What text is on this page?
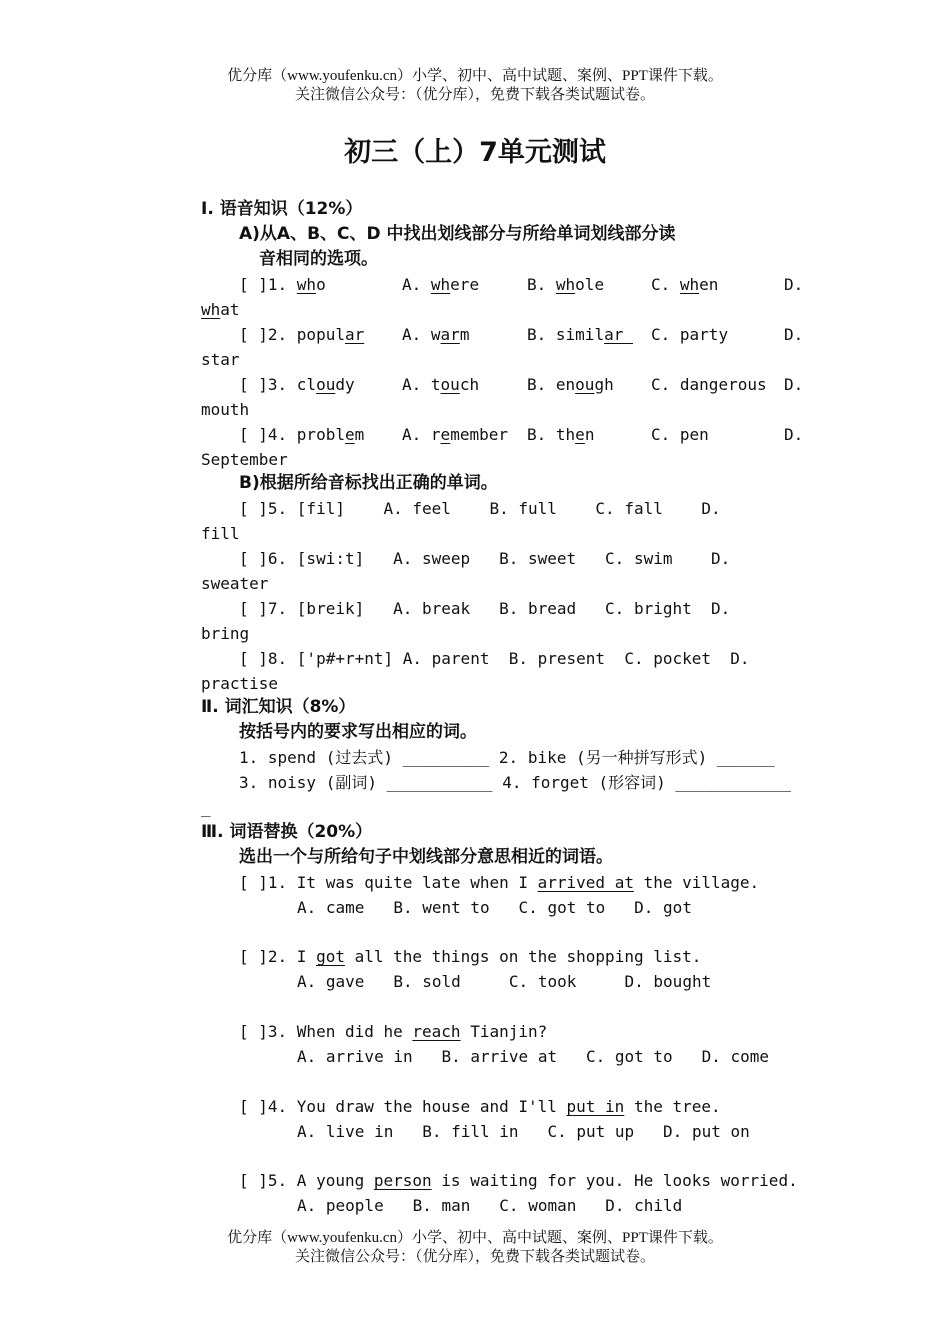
优分库（www.youfenku.cn）小学、初中、高中试题、案例、PPT课件下载。
关注微信公众号：（优分库），免费下载各类试题试卷。
初三（上）7单元测试
Ⅰ. 语音知识（12%）
A)从A、B、C、D 中找出划线部分与所给单词划线部分读
音相同的选项。
[ ]1. who	A. where	B. whole	C. when	D.
what
[ ]2. popular A. warm	B. similar C. party	D.
star
[ ]3. cloudy	A. touch	B. enough C. dangerous D.
mouth
[ ]4. problem A. remember B. then	C. pen	D.
September
B)根据所给音标找出正确的单词。
[ ]5. [fil]    A. feel    B. full    C. fall    D.
fill
[ ]6. [swi:t]   A. sweep   B. sweet   C. swim    D.
sweater
[ ]7. [breik]   A. break   B. bread   C. bright  D.
bring
[ ]8. ['p#+r+nt] A. parent  B. present  C. pocket  D.
practise
Ⅱ. 词汇知识（8%）
按括号内的要求写出相应的词。
1. spend (过去式) _________ 2. bike (另一种拼写形式) ______
3. noisy (副词) ___________ 4. forget (形容词) ____________
_
Ⅲ. 词语替换（20%）
选出一个与所给句子中划线部分意思相近的词语。
[ ]1. It was quite late when I arrived at the village.
A. came   B. went to   C. got to   D. got
[ ]2. I got all the things on the shopping list.
A. gave   B. sold     C. took     D. bought
[ ]3. When did he reach Tianjin?
A. arrive in   B. arrive at   C. got to   D. come
[ ]4. You draw the house and I'll put in the tree.
A. live in   B. fill in   C. put up   D. put on
[ ]5. A young person is waiting for you. He looks worried.
A. people   B. man   C. woman   D. child
优分库（www.youfenku.cn）小学、初中、高中试题、案例、PPT课件下载。
关注微信公众号：（优分库），免费下载各类试题试卷。
